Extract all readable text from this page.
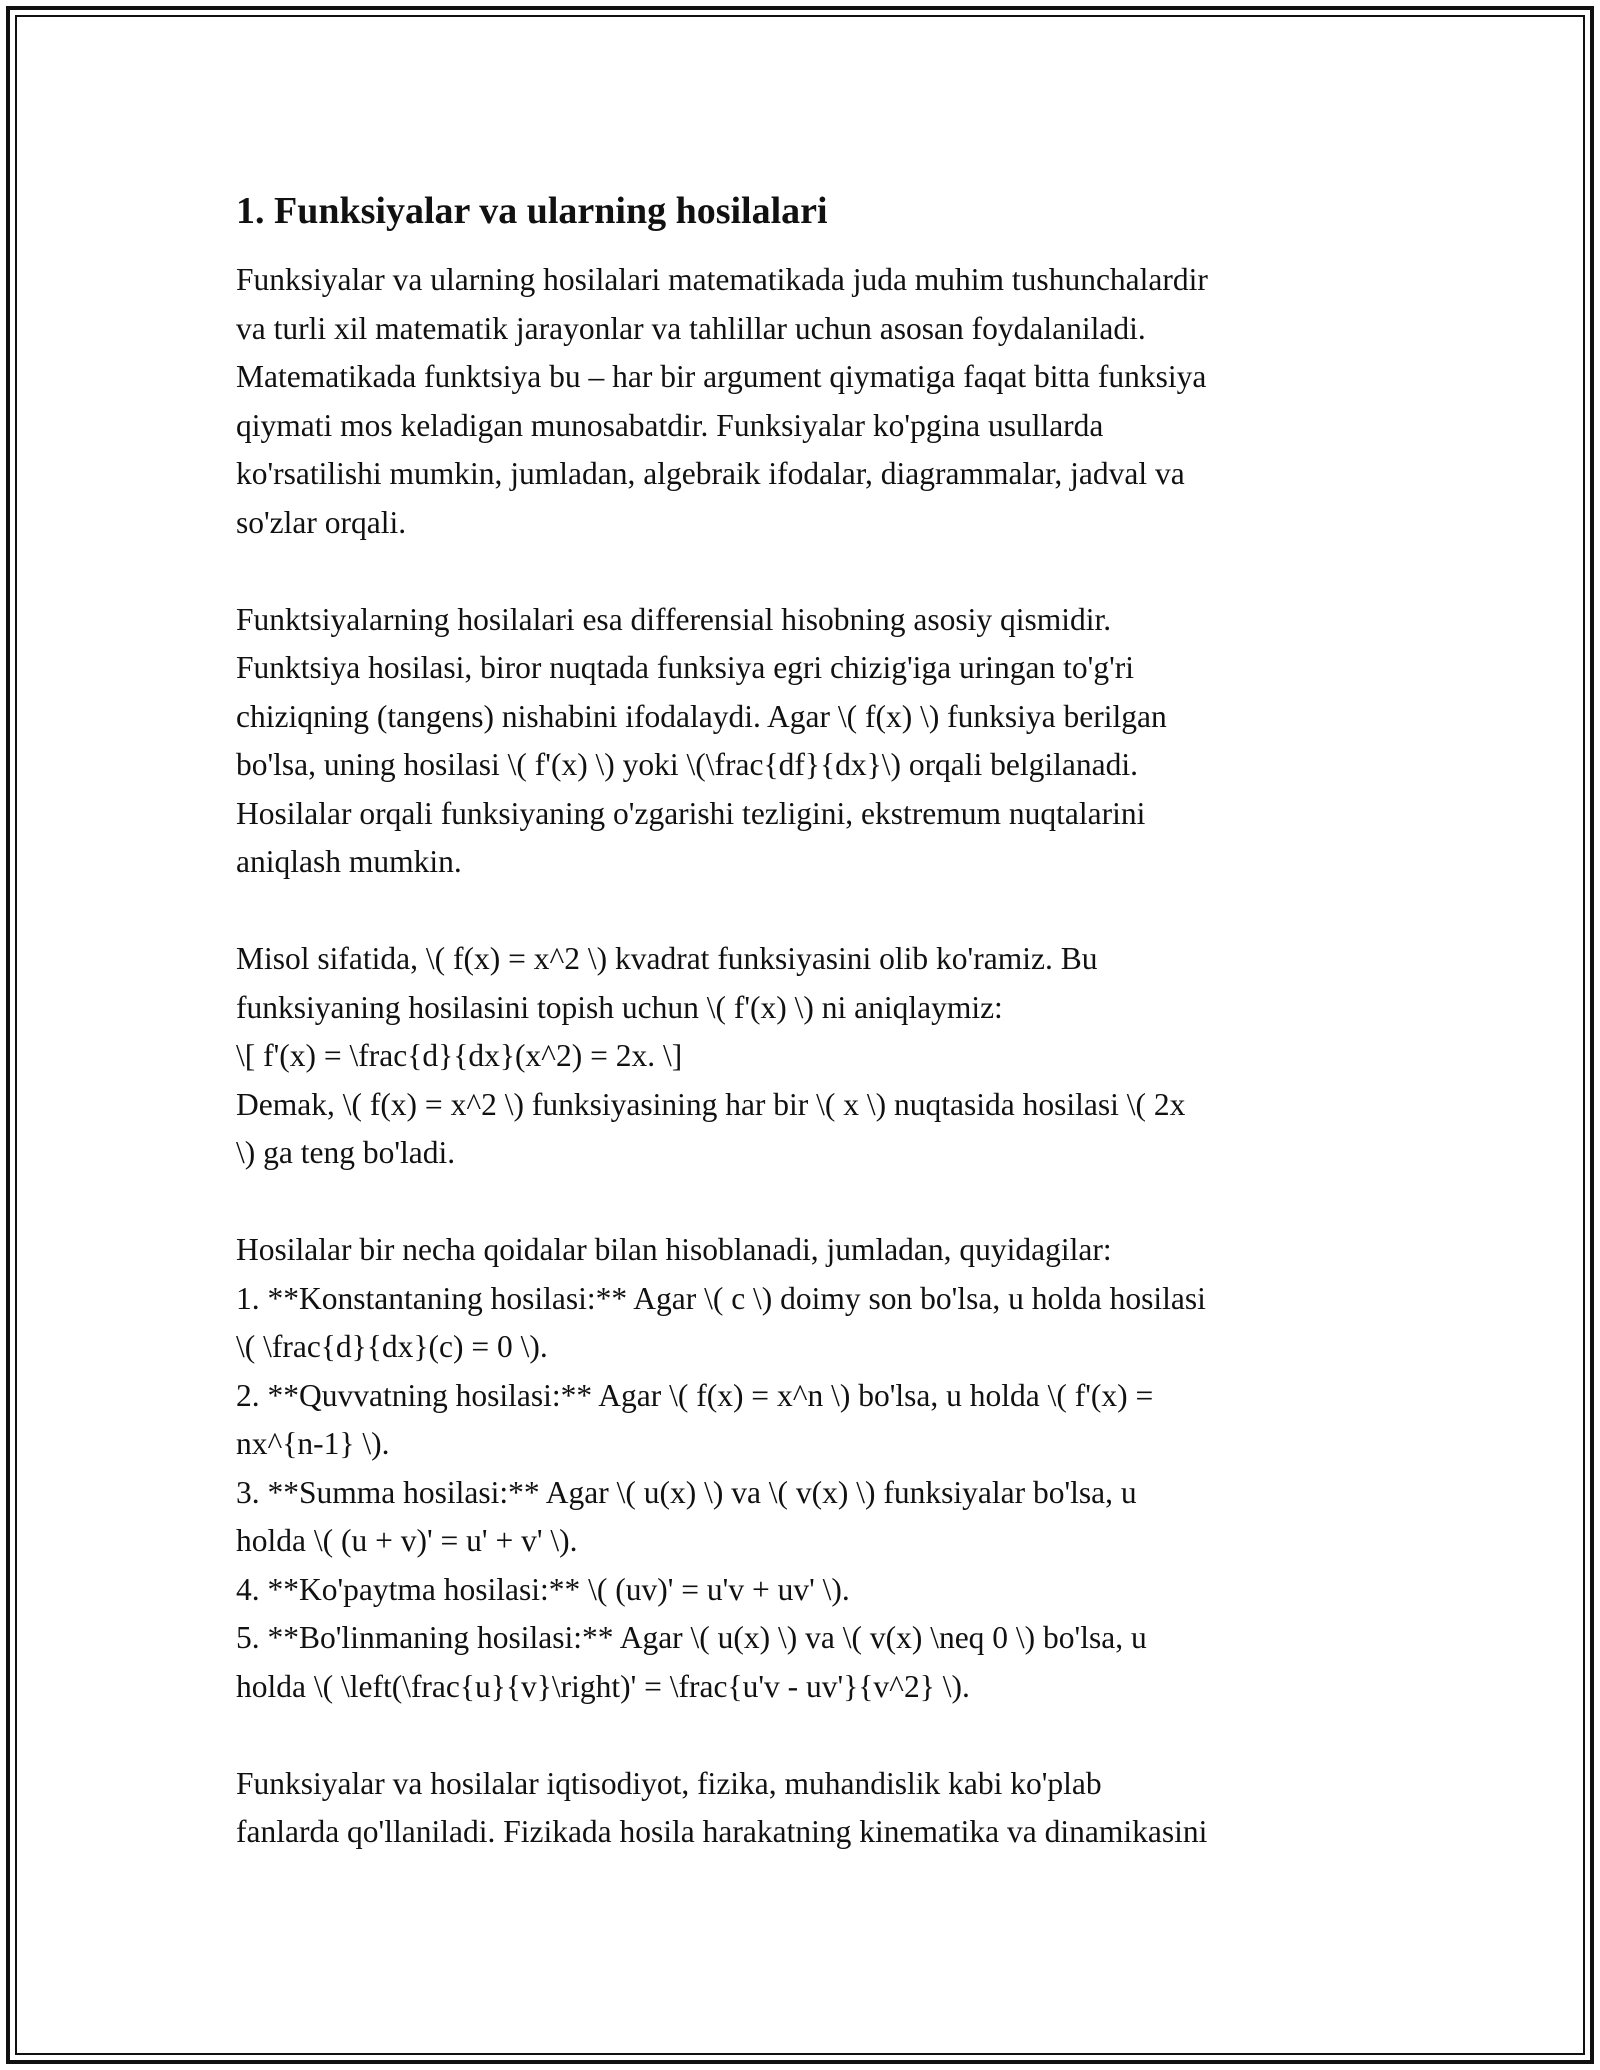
1. Funksiyalar va ularning hosilalari

Funksiyalar va ularning hosilalari matematikada juda muhim tushunchalardir
va turli xil matematik jarayonlar va tahlillar uchun asosan foydalaniladi.
Matematikada funktsiya bu – har bir argument qiymatiga faqat bitta funksiya
qiymati mos keladigan munosabatdir. Funksiyalar ko'pgina usullarda
ko'rsatilishi mumkin, jumladan, algebraik ifodalar, diagrammalar, jadval va
so'zlar orqali.

Funktsiyalarning hosilalari esa differensial hisobning asosiy qismidir.
Funktsiya hosilasi, biror nuqtada funksiya egri chizig'iga uringan to'g'ri
chiziqning (tangens) nishabini ifodalaydi. Agar \( f(x) \) funksiya berilgan
bo'lsa, uning hosilasi \( f'(x) \) yoki \(\frac{df}{dx}\) orqali belgilanadi.
Hosilalar orqali funksiyaning o'zgarishi tezligini, ekstremum nuqtalarini
aniqlash mumkin.

Misol sifatida, \( f(x) = x^2 \) kvadrat funksiyasini olib ko'ramiz. Bu
funksiyaning hosilasini topish uchun \( f'(x) \) ni aniqlaymiz:
\[ f'(x) = \frac{d}{dx}(x^2) = 2x. \]
Demak, \( f(x) = x^2 \) funksiyasining har bir \( x \) nuqtasida hosilasi \( 2x
\) ga teng bo'ladi.

Hosilalar bir necha qoidalar bilan hisoblanadi, jumladan, quyidagilar:
1. **Konstantaning hosilasi:** Agar \( c \) doimy son bo'lsa, u holda hosilasi
\( \frac{d}{dx}(c) = 0 \).
2. **Quvvatning hosilasi:** Agar \( f(x) = x^n \) bo'lsa, u holda \( f'(x) =
nx^{n-1} \).
3. **Summa hosilasi:** Agar \( u(x) \) va \( v(x) \) funksiyalar bo'lsa, u
holda \( (u + v)' = u' + v' \).
4. **Ko'paytma hosilasi:** \( (uv)' = u'v + uv' \).
5. **Bo'linmaning hosilasi:** Agar \( u(x) \) va \( v(x) \neq 0 \) bo'lsa, u
holda \( \left(\frac{u}{v}\right)' = \frac{u'v - uv'}{v^2} \).

Funksiyalar va hosilalar iqtisodiyot, fizika, muhandislik kabi ko'plab
fanlarda qo'llaniladi. Fizikada hosila harakatning kinematika va dinamikasini
